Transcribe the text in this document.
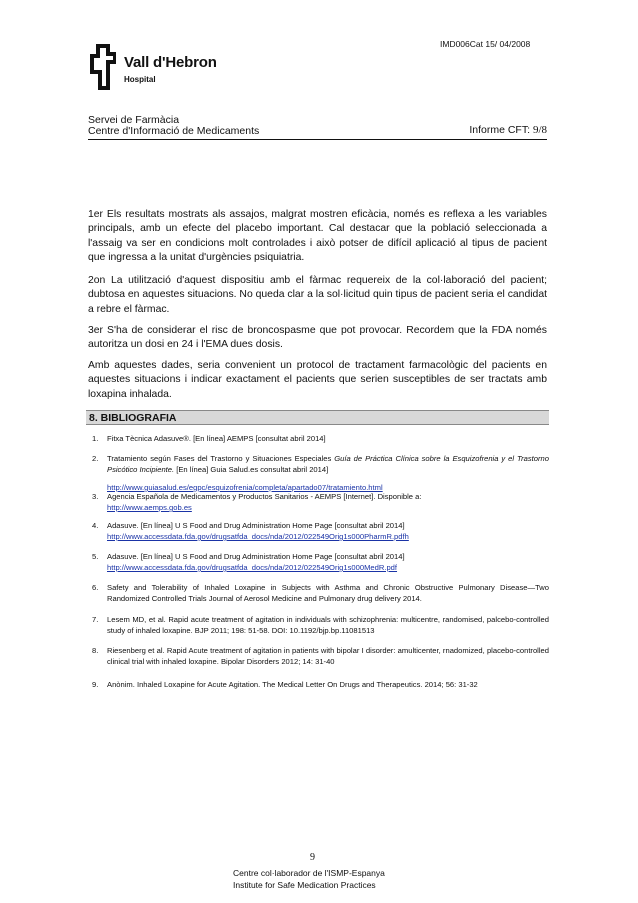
IMD006Cat 15/ 04/2008
Vall d'Hebron
Hospital
Servei de Farmàcia
Centre d'Informació de Medicaments	Informe CFT: 9/8

1er Els resultats mostrats als assajos, malgrat mostren eficàcia, només es reflexa a les variables principals, amb un efecte del placebo important. Cal destacar que la població seleccionada a l'assaig va ser en condicions molt controlades i això potser de difícil aplicació al tipus de pacient que ingressa a la unitat d'urgències psiquiatria.

2on La utilització d'aquest dispositiu amb el fàrmac requereix de la col·laboració del pacient; dubtosa en aquestes situacions. No queda clar a la sol·licitud quin tipus de pacient seria el candidat a rebre el fàrmac.

3er S'ha de considerar el risc de broncospasme que pot provocar. Recordem que la FDA només autoritza un dosi en 24 i l'EMA dues dosis.

Amb aquestes dades, seria convenient un protocol de tractament farmacològic del pacients en aquestes situacions i indicar exactament el pacients que serien susceptibles de ser tractats amb loxapina inhalada.

8. BIBLIOGRAFIA
1.	Fitxa Tècnica Adasuve®. [En línea] AEMPS [consultat abril 2014]
2.	Tratamiento según Fases del Trastorno y Situaciones Especiales Guía de Práctica Clínica sobre la Esquizofrenia y el Trastorno Psicótico Incipiente. [En línea] Guia Salud.es consultat abril 2014]
http://www.guiasalud.es/egpc/esquizofrenia/completa/apartado07/tratamiento.html
3.	Agencia Española de Medicamentos y Productos Sanitarios - AEMPS [Internet]. Disponible a:
http://www.aemps.gob.es
4.	Adasuve. [En línea] U S Food and Drug Administration Home Page [consultat abril 2014]
http://www.accessdata.fda.gov/drugsatfda_docs/nda/2012/022549Orig1s000PharmR.pdfh
5.	Adasuve. [En línea] U S Food and Drug Administration Home Page [consultat abril 2014]
http://www.accessdata.fda.gov/drugsatfda_docs/nda/2012/022549Orig1s000MedR.pdf
6.	Safety and Tolerability of Inhaled Loxapine in Subjects with Asthma and Chronic Obstructive Pulmonary Disease—Two Randomized Controlled Trials Journal of Aerosol Medicine and Pulmonary drug delivery 2014.
7.	Lesem MD, et al. Rapid acute treatment of agitation in individuals with schizophrenia: multicentre, randomised, palcebo-controlled study of inhaled loxapine. BJP 2011; 198: 51-58. DOI: 10.1192/bjp.bp.11081513
8.	Riesenberg et al. Rapid Acute treatment of agitation in patients with bipolar I disorder: amulticenter, rnadomized, placebo-controlled clinical trial with inhaled loxapine. Bipolar Disorders 2012; 14: 31-40
9.	Anònim. Inhaled Loxapine for Acute Agitation. The Medical Letter On Drugs and Therapeutics. 2014; 56: 31-32
9
Centre col·laborador de l'ISMP-Espanya
Institute for Safe Medication Practices
